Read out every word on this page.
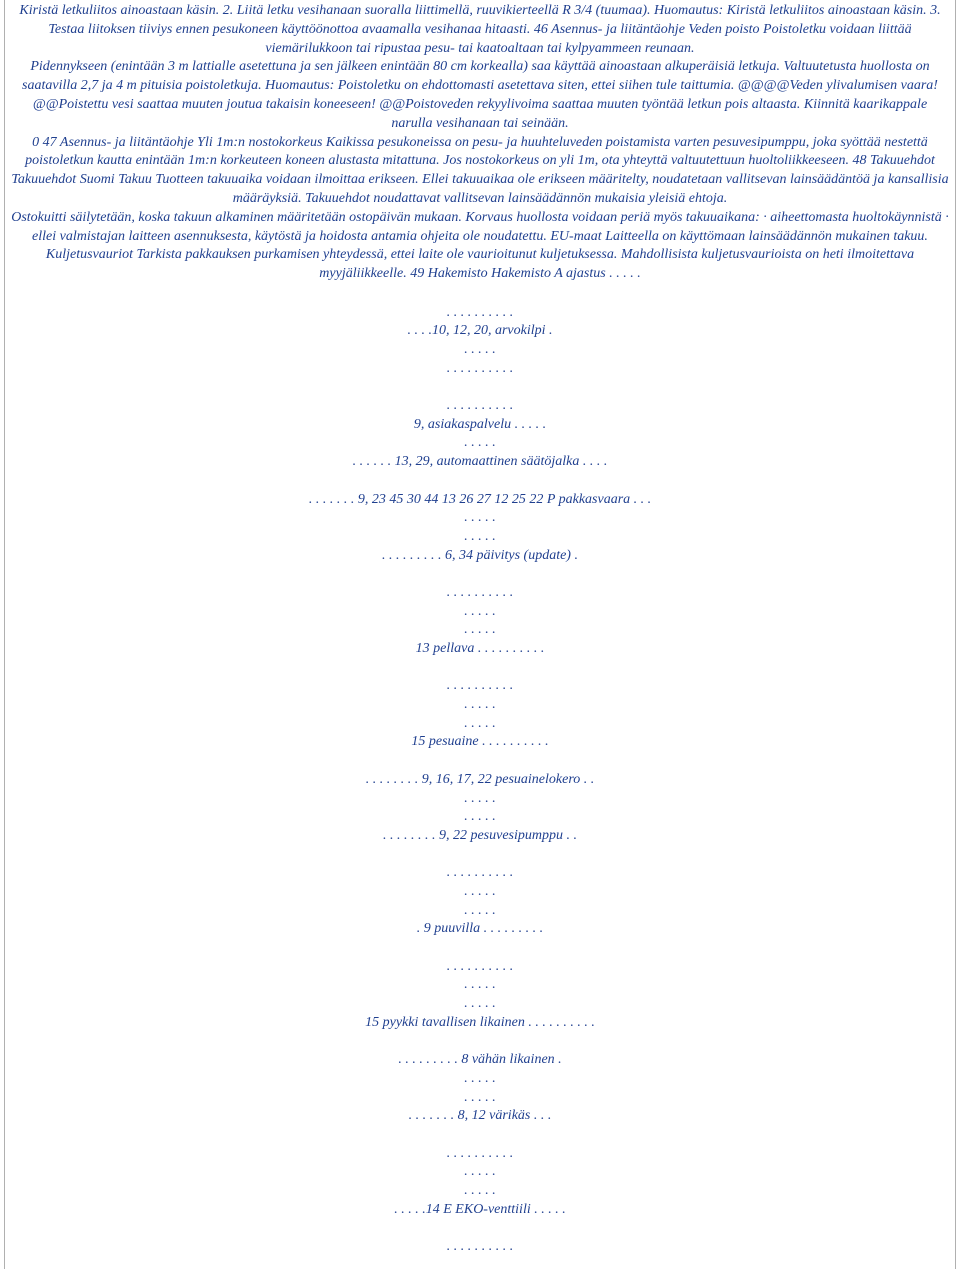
Kiristä letkuliitos ainoastaan käsin. 2. Liitä letku vesihanaan suoralla liittimellä, ruuvikierteellä R 3/4 (tuumaa). Huomautus: Kiristä letkuliitos ainoastaan käsin. 3. Testaa liitoksen tiiviys ennen pesukoneen käyttöönottoa avaamalla vesihanaa hitaasti. 46 Asennus- ja liitäntäohje Veden poisto Poistoletku voidaan liittää viemärilukkoon tai ripustaa pesu- tai kaatoaltaan tai kylpyammeen reunaan.

Pidennykseen (enintään 3 m lattialle asetettuna ja sen jälkeen enintään 80 cm korkealla) saa käyttää ainoastaan alkuperäisiä letkuja. Valtuutetusta huollosta on saatavilla 2,7 ja 4 m pituisia poistoletkuja. Huomautus: Poistoletku on ehdottomasti asetettava siten, ettei siihen tule taittumia. @@@@Veden ylivalumisen vaara! @@Poistettu vesi saattaa muuten joutua takaisin koneeseen! @@Poistoveden rekyylivoima saattaa muuten työntää letkun pois altaasta. Kiinnitä kaarikappale narulla vesihanaan tai seinään.

0 47 Asennus- ja liitäntäohje Yli 1m:n nostokorkeus Kaikissa pesukoneissa on pesu- ja huuhteluveden poistamista varten pesuvesipumppu, joka syöttää nestettä poistoletkun kautta enintään 1m:n korkeuteen koneen alustasta mitattuna. Jos nostokorkeus on yli 1m, ota yhteyttä valtuutettuun huoltoliikkeeseen. 48 Takuuehdot Takuuehdot Suomi Takuu Tuotteen takuuaika voidaan ilmoittaa erikseen. Ellei takuuaikaa ole erikseen määritelty, noudatetaan vallitsevan lainsäädäntöä ja kansallisia määräyksiä. Takuuehdot noudattavat vallitsevan lainsäädännön mukaisia yleisiä ehtoja.

Ostokuitti säilytetään, koska takuun alkaminen määritetään ostopäivän mukaan. Korvaus huollosta voidaan periä myös takuuaikana: · aiheettomasta huoltokäynnistä · ellei valmistajan laitteen asennuksesta, käytöstä ja hoidosta antamia ohjeita ole noudatettu. EU-maat Laitteella on käyttömaan lainsäädännön mukainen takuu. Kuljetusvauriot Tarkista pakkauksen purkamisen yhteydessä, ettei laite ole vaurioitunut kuljetuksessa. Mahdollisista kuljetusvaurioista on heti ilmoitettava myyjäliikkeelle. 49 Hakemisto Hakemisto A ajastus . . . . .

. . . . . . . . . .
. . . .10, 12, 20, arvokilpi .
. . . . .
. . . . . . . . . .
. . . . . . . . . .
9, asiakaspalvelu . . . . .
. . . . .
. . . . . . 13, 29, automaattinen säätöjalka . . . .
. . . . . . . 9, 23 45 30 44 13 26 27 12 25 22 P pakkasvaara . . .
. . . . .
. . . . .
. . . . . . . . . 6, 34 päivitys (update) .
. . . . . . . . . .
. . . . .
. . . . .
13 pellava . . . . . . . . . .
. . . . . . . . . .
. . . . .
. . . . .
15 pesuaine . . . . . . . . . .
. . . . . . . . 9, 16, 17, 22 pesuainelokero . .
. . . . .
. . . . .
. . . . . . . . 9, 22 pesuvesipumppu . .
. . . . . . . . . .
. . . . .
. . . . .
. 9 puuvilla . . . . . . . . .
. . . . . . . . . .
. . . . .
. . . . .
15 pyykki tavallisen likainen . . . . . . . . . .
. . . . . . . . . 8 vähän likainen .
. . . . .
. . . . .
. . . . . . . 8, 12 värikäs . . .
. . . . . . . . . .
. . . . .
. . . . .
. . . . .14 E EKO-venttiili . . . . .
. . . . . . . . . .
